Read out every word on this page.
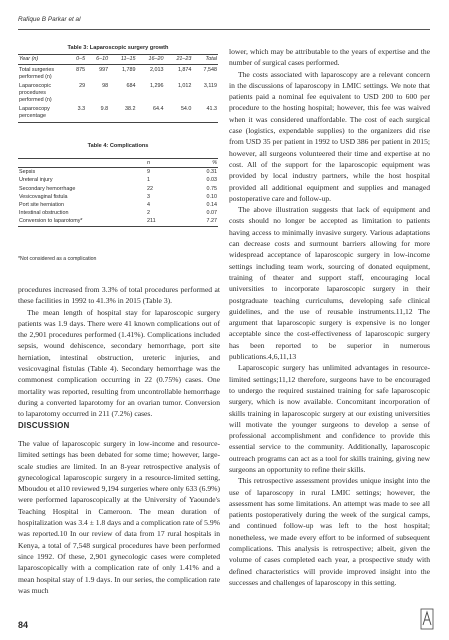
Rafique B Parkar et al
Table 3: Laparoscopic surgery growth
Year (n)	0–5	6–10	11–15	16–20	21–23	Total
Total surgeries performed (n)	875	997	1,789	2,013	1,874	7,548
Laparoscopic procedures performed (n)	29	98	684	1,296	1,012	3,119
Laparoscopy percentage	3.3	9.8	38.2	64.4	54.0	41.3
Table 4: Complications
	n	%
Sepsis	9	0.31
Ureteral injury	1	0.03
Secondary hemorrhage	22	0.75
Vesicovaginal fistula	3	0.10
Port site herniation	4	0.14
Intestinal obstruction	2	0.07
Conversion to laparotomy*	211	7.27
*Not considered as a complication

procedures increased from 3.3% of total procedures performed at these facilities in 1992 to 41.3% in 2015 (Table 3).

The mean length of hospital stay for laparoscopic surgery patients was 1.9 days. There were 41 known complications out of the 2,901 procedures performed (1.41%). Complications included sepsis, wound dehiscence, secondary hemorrhage, port site herniation, intestinal obstruction, ureteric injuries, and vesicovaginal fistulas (Table 4). Secondary hemorrhage was the commonest complication occurring in 22 (0.75%) cases. One mortality was reported, resulting from uncontrollable hemorrhage during a converted laparotomy for an ovarian tumor. Conversion to laparotomy occurred in 211 (7.2%) cases.

DISCUSSION

The value of laparoscopic surgery in low-income and resource-limited settings has been debated for some time; however, large-scale studies are limited. In an 8-year retrospective analysis of gynecological laparoscopic surgery in a resource-limited setting, Mboudou et al10 reviewed 9,194 surgeries where only 633 (6.9%) were performed laparoscopically at the University of Yaounde's Teaching Hospital in Cameroon. The mean duration of hospitalization was 3.4 ± 1.8 days and a complication rate of 5.9% was reported.10 In our review of data from 17 rural hospitals in Kenya, a total of 7,548 surgical procedures have been performed since 1992. Of these, 2,901 gynecologic cases were completed laparoscopically with a complication rate of only 1.41% and a mean hospital stay of 1.9 days. In our series, the complication rate was much

lower, which may be attributable to the years of expertise and the number of surgical cases performed.

The costs associated with laparoscopy are a relevant concern in the discussions of laparoscopy in LMIC settings. We note that patients paid a nominal fee equivalent to USD 200 to 600 per procedure to the hosting hospital; however, this fee was waived when it was considered unaffordable. The cost of each surgical case (logistics, expendable supplies) to the organizers did rise from USD 35 per patient in 1992 to USD 386 per patient in 2015; however, all surgeons volunteered their time and expertise at no cost. All of the support for the laparoscopic equipment was provided by local industry partners, while the host hospital provided all additional equipment and supplies and managed postoperative care and follow-up.

The above illustration suggests that lack of equipment and costs should no longer be accepted as limitation to patients having access to minimally invasive surgery. Various adaptations can decrease costs and surmount barriers allowing for more widespread acceptance of laparoscopic surgery in low-income settings including team work, sourcing of donated equipment, training of theater and support staff, encouraging local universities to incorporate laparoscopic surgery in their postgraduate teaching curriculums, developing safe clinical guidelines, and the use of reusable instruments.11,12 The argument that laparoscopic surgery is expensive is no longer acceptable since the cost-effectiveness of laparoscopic surgery has been reported to be superior in numerous publications.4,6,11,13

Laparoscopic surgery has unlimited advantages in resource-limited settings;11,12 therefore, surgeons have to be encouraged to undergo the required sustained training for safe laparoscopic surgery, which is now available. Concomitant incorporation of skills training in laparoscopic surgery at our existing universities will motivate the younger surgeons to develop a sense of professional accomplishment and confidence to provide this essential service to the community. Additionally, laparoscopic outreach programs can act as a tool for skills training, giving new surgeons an opportunity to refine their skills.

This retrospective assessment provides unique insight into the use of laparoscopy in rural LMIC settings; however, the assessment has some limitations. An attempt was made to see all patients postoperatively during the week of the surgical camps, and continued follow-up was left to the host hospital; nonetheless, we made every effort to be informed of subsequent complications. This analysis is retrospective; albeit, given the volume of cases completed each year, a prospective study with defined characteristics will provide improved insight into the successes and challenges of laparoscopy in this setting.

84
